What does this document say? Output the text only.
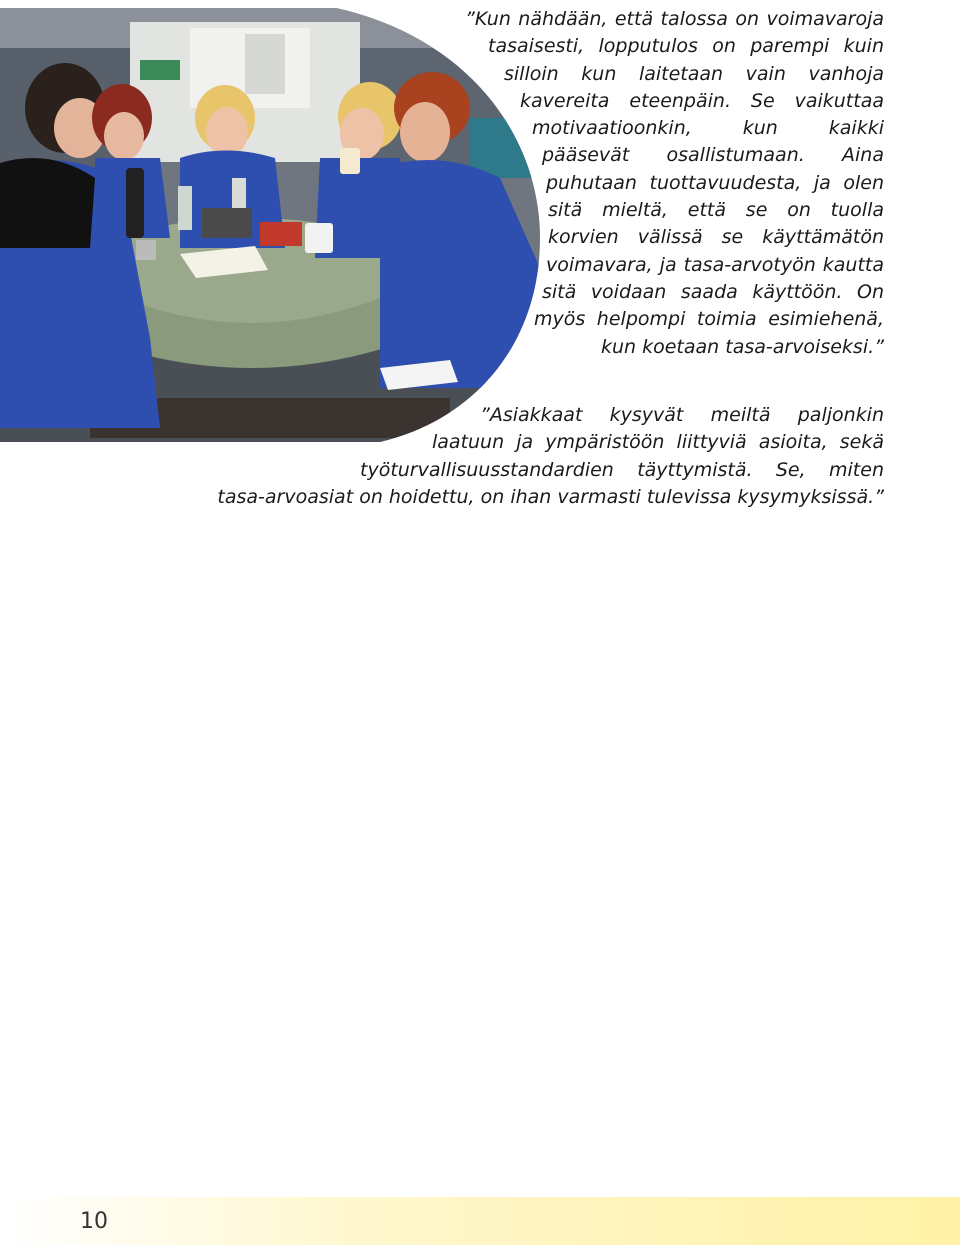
”Kun nähdään, että talossa on voimavaroja tasaisesti, lopputulos on parempi kuin silloin kun laitetaan vain vanhoja kavereita eteenpäin. Se vaikuttaa motivaatioonkin, kun kaikki pääsevät osallistumaan. Aina puhutaan tuottavuudesta, ja olen sitä mieltä, että se on tuolla korvien välissä se käyttämätön voimavara, ja tasa-arvotyön kautta sitä voidaan saada käyttöön. On myös helpompi toimia esimiehenä, kun koetaan tasa-arvoiseksi.”

”Asiakkaat kysyvät meiltä paljonkin laatuun ja ympäristöön liittyviä asioita, sekä työturvallisuusstandardien täyttymistä. Se, miten tasa-arvoasiat on hoidettu, on ihan varmasti tulevissa kysymyksissä.”

10
